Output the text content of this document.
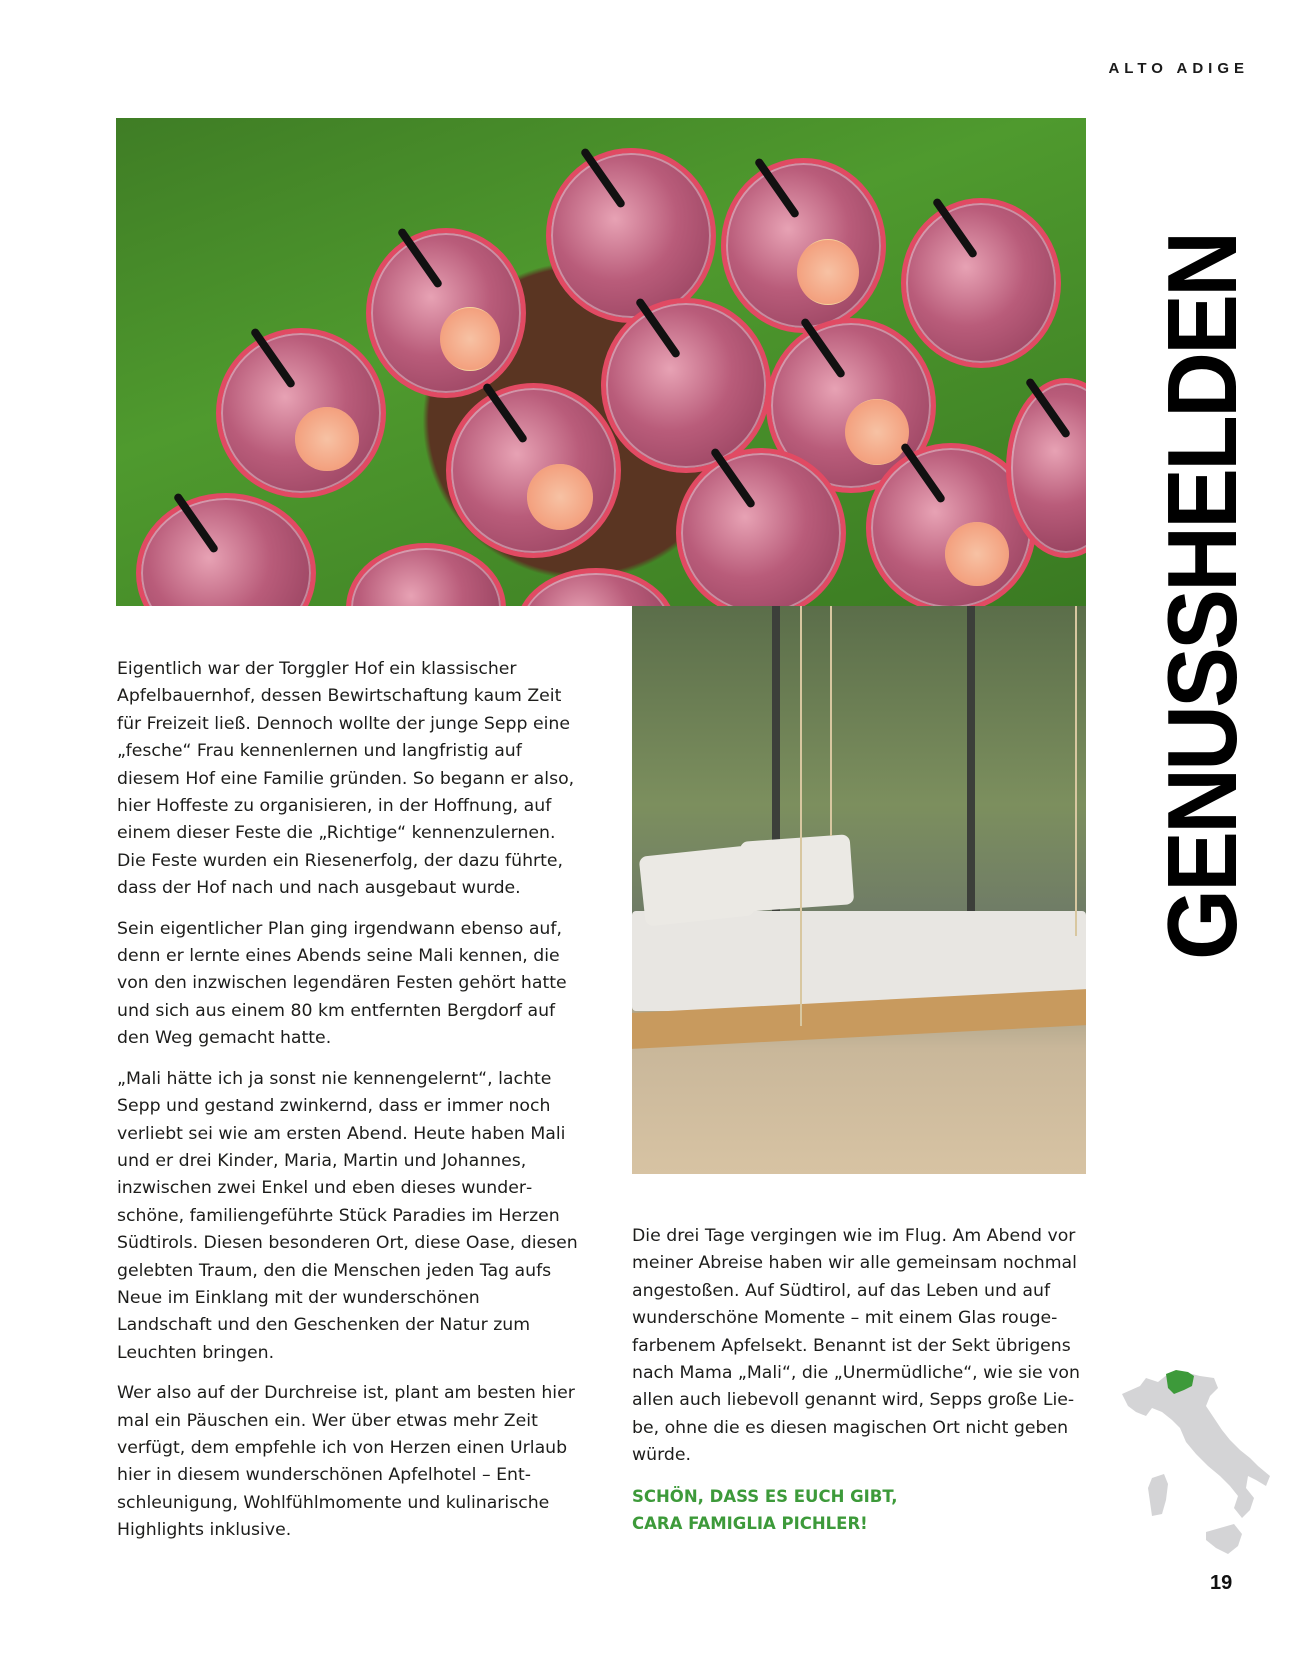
ALTO ADIGE
GENUSSHELDEN

Eigentlich war der Torggler Hof ein klassischer Apfelbauernhof, dessen Bewirtschaftung kaum Zeit für Freizeit ließ. Dennoch wollte der junge Sepp eine „fesche“ Frau kennenlernen und langfristig auf diesem Hof eine Familie gründen. So begann er also, hier Hoffeste zu organisieren, in der Hoffnung, auf einem dieser Feste die „Richtige“ kennenzulernen. Die Feste wurden ein Riesenerfolg, der dazu führte, dass der Hof nach und nach ausgebaut wurde.

Sein eigentlicher Plan ging irgendwann ebenso auf, denn er lernte eines Abends seine Mali kennen, die von den inzwischen legendären Festen gehört hatte und sich aus einem 80 km entfernten Bergdorf auf den Weg gemacht hatte.

„Mali hätte ich ja sonst nie kennengelernt“, lachte Sepp und gestand zwinkernd, dass er immer noch verliebt sei wie am ersten Abend. Heute haben Mali und er drei Kinder, Maria, Martin und Johannes, inzwischen zwei Enkel und eben dieses wunderschöne, familiengeführte Stück Paradies im Herzen Südtirols. Diesen besonderen Ort, diese Oase, diesen gelebten Traum, den die Menschen jeden Tag aufs Neue im Einklang mit der wunderschönen Landschaft und den Geschenken der Natur zum Leuchten bringen.

Wer also auf der Durchreise ist, plant am besten hier mal ein Päuschen ein. Wer über etwas mehr Zeit verfügt, dem empfehle ich von Herzen einen Urlaub hier in diesem wunderschönen Apfelhotel – Entschleunigung, Wohlfühlmomente und kulinarische Highlights inklusive.

Die drei Tage vergingen wie im Flug. Am Abend vor meiner Abreise haben wir alle gemeinsam nochmal angestoßen. Auf Südtirol, auf das Leben und auf wunderschöne Momente – mit einem Glas rougefarbenem Apfelsekt. Benannt ist der Sekt übrigens nach Mama „Mali“, die „Unermüdliche“, wie sie von allen auch liebevoll genannt wird, Sepps große Liebe, ohne die es diesen magischen Ort nicht geben würde.

SCHÖN, DASS ES EUCH GIBT,
CARA FAMIGLIA PICHLER!
19
